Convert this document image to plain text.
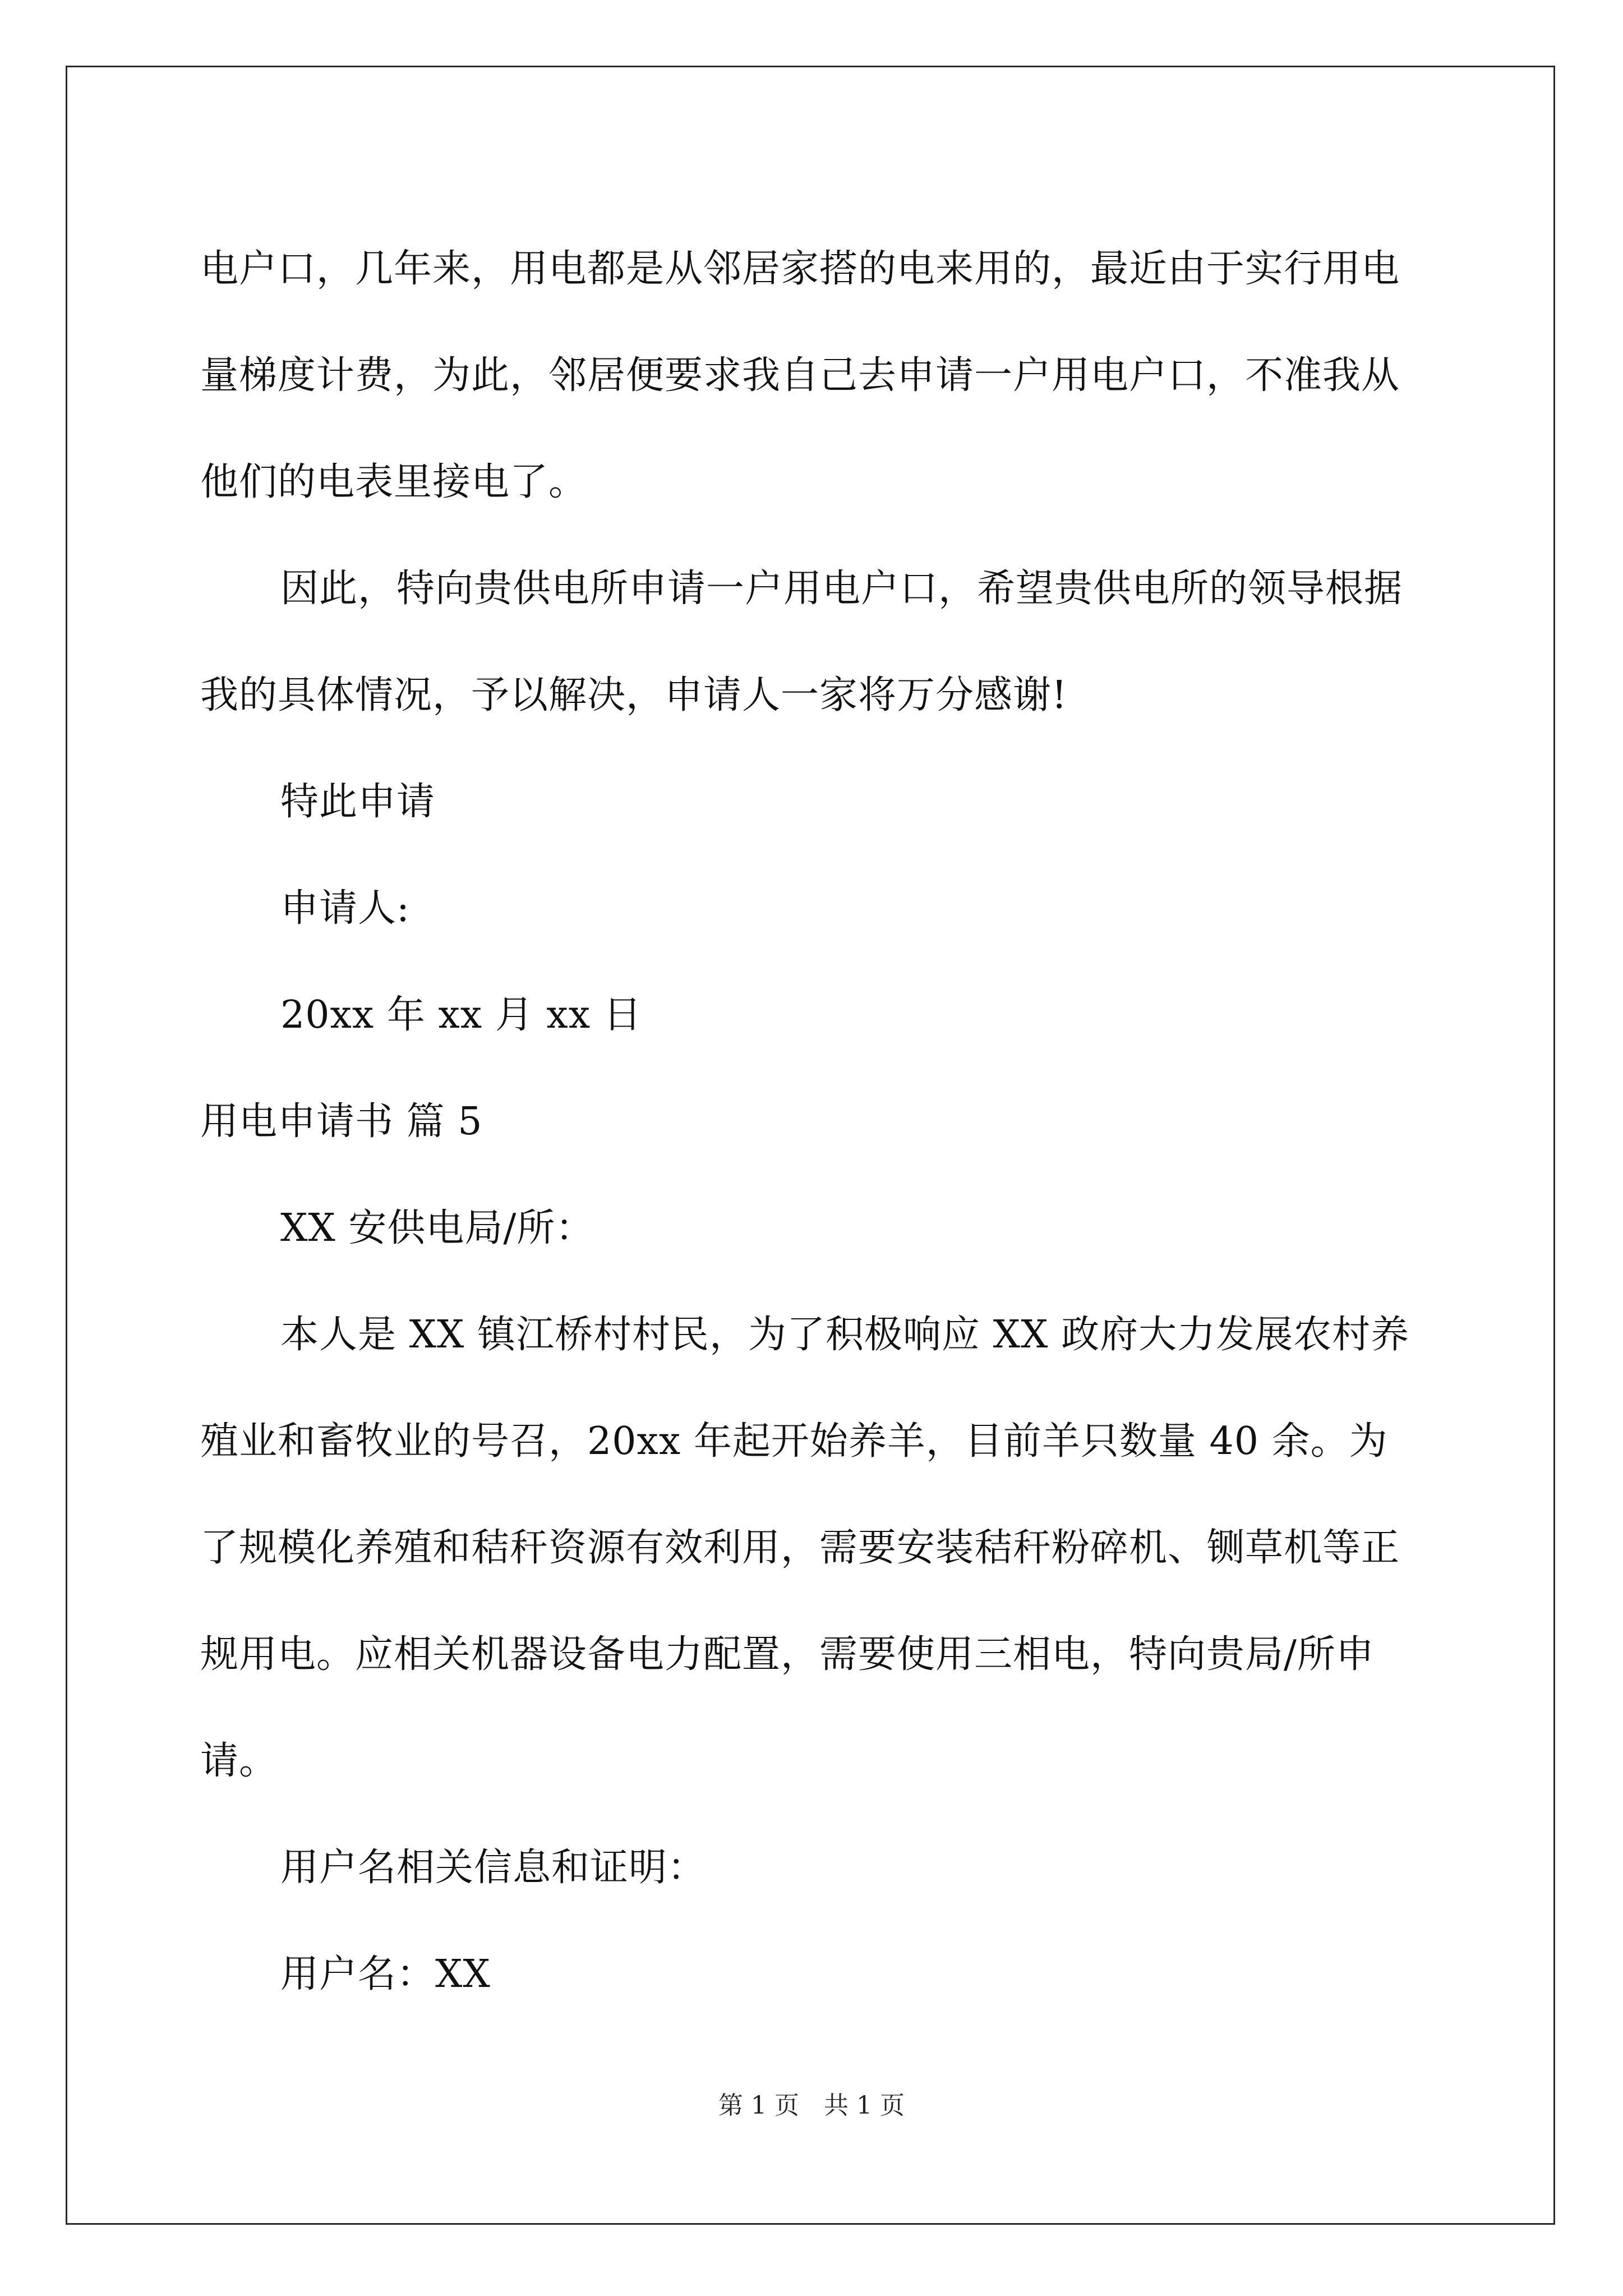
电户口，几年来，用电都是从邻居家搭的电来用的，最近由于实行用电量梯度计费，为此，邻居便要求我自己去申请一户用电户口，不准我从他们的电表里接电了。

因此，特向贵供电所申请一户用电户口，希望贵供电所的领导根据我的具体情况，予以解决，申请人一家将万分感谢!

特此申请

申请人:

20xx 年 xx 月 xx 日

用电申请书 篇 5

XX 安供电局/所：

本人是 XX 镇江桥村村民，为了积极响应 XX 政府大力发展农村养殖业和畜牧业的号召，20xx 年起开始养羊，目前羊只数量 40 余。为了规模化养殖和秸秆资源有效利用，需要安装秸秆粉碎机、铡草机等正规用电。应相关机器设备电力配置，需要使用三相电，特向贵局/所申请。

用户名相关信息和证明：

用户名：XX

第 1 页　共 1 页
